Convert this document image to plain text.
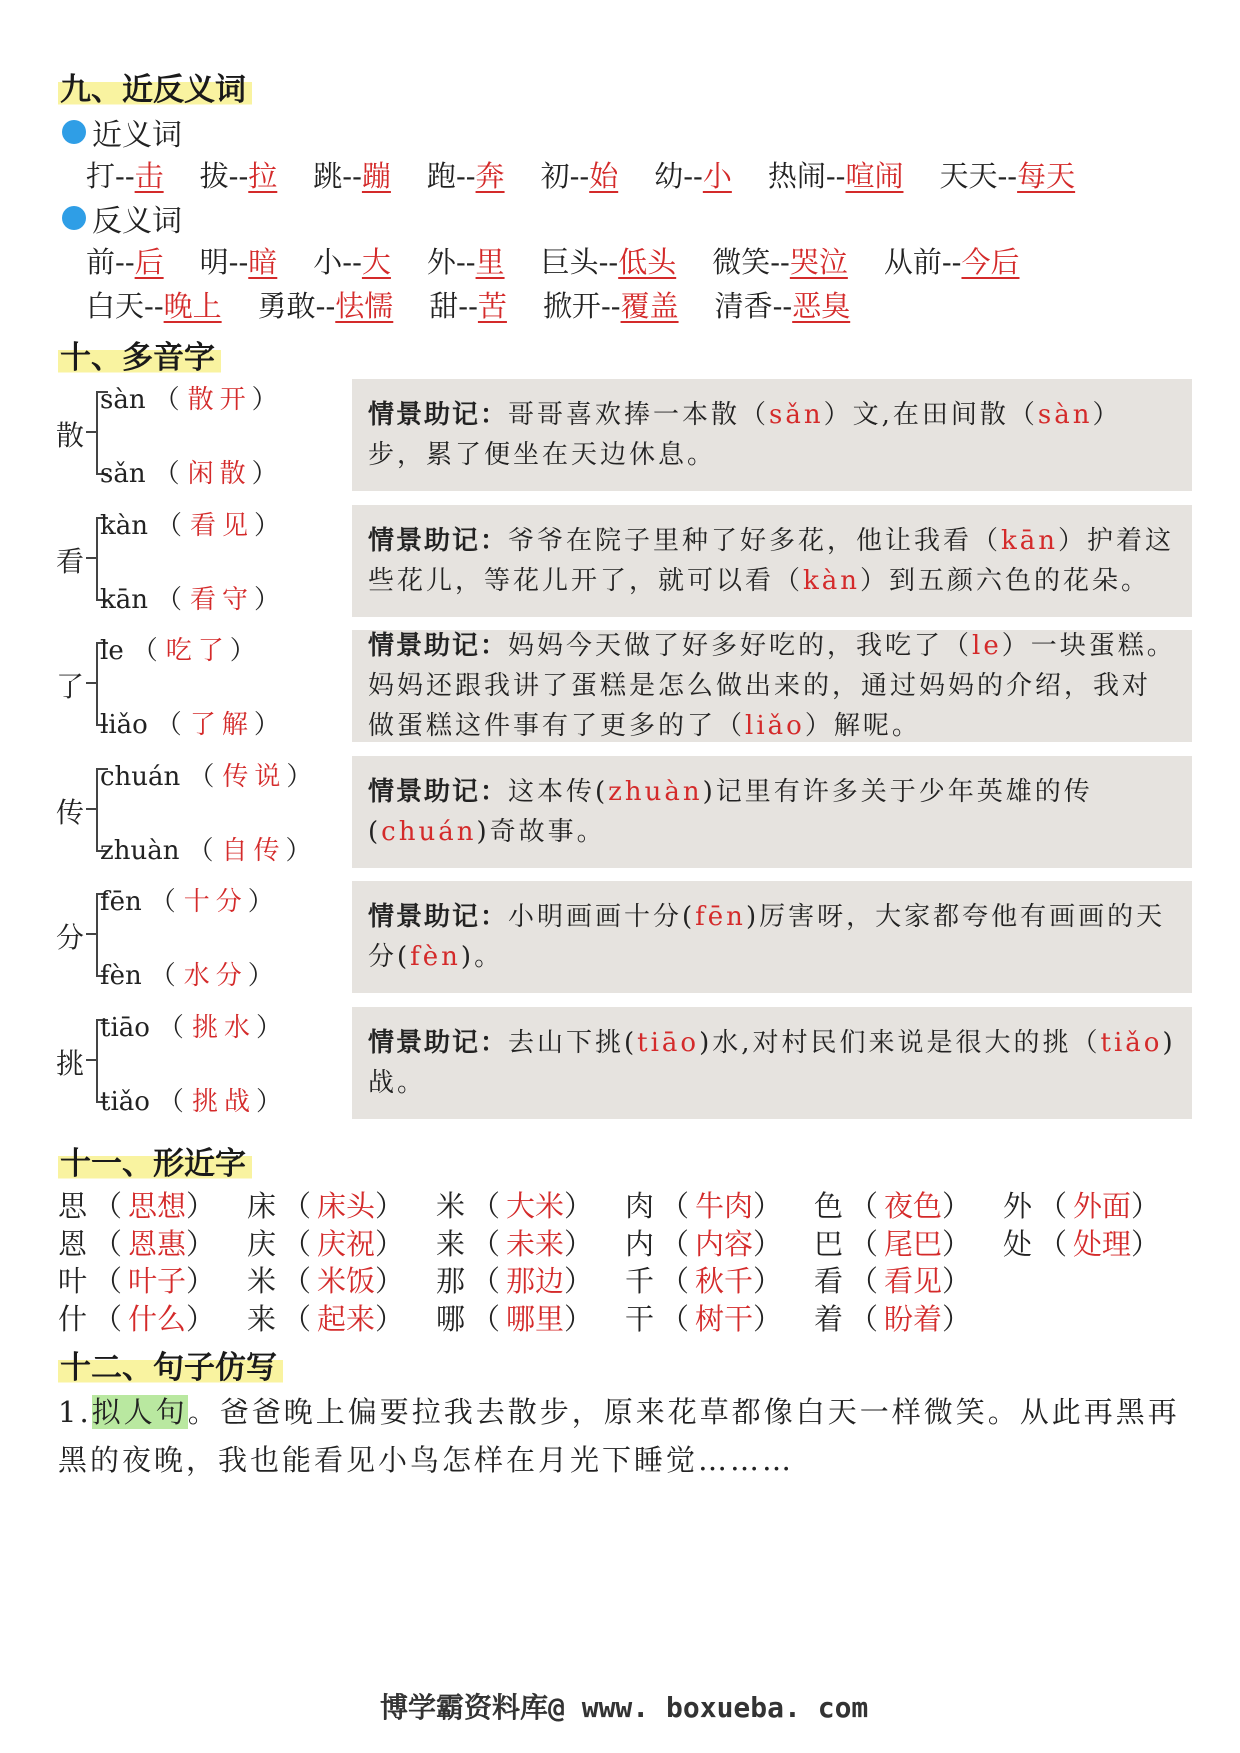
九、近反义词
近义词
打--击 拔--拉 跳--蹦 跑--奔 初--始 幼--小 热闹--喧闹 天天--每天
反义词
前--后 明--暗 小--大 外--里 巨头--低头 微笑--哭泣 从前--今后
白天--晚上 勇敢--怯懦 甜--苦 掀开--覆盖 清香--恶臭
十、多音字
散
sàn （ 散开）
sǎn （ 闲散）
情景助记：哥哥喜欢捧一本散（sǎn）文,在田间散（sàn）步，累了便坐在天边休息。
看
kàn （ 看见）
kān （ 看守）
情景助记：爷爷在院子里种了好多花，他让我看（kān）护着这些花儿，等花儿开了，就可以看（kàn）到五颜六色的花朵。
了
le （ 吃了）
liǎo （ 了解）
情景助记：妈妈今天做了好多好吃的，我吃了（le）一块蛋糕。妈妈还跟我讲了蛋糕是怎么做出来的，通过妈妈的介绍，我对做蛋糕这件事有了更多的了（liǎo）解呢。
传
chuán （ 传说）
zhuàn （ 自传）
情景助记：这本传(zhuàn)记里有许多关于少年英雄的传(chuán)奇故事。
分
fēn （ 十分）
fèn （ 水分）
情景助记：小明画画十分(fēn)厉害呀，大家都夸他有画画的天分(fèn)。
挑
tiāo （ 挑水）
tiǎo （ 挑战）
情景助记：去山下挑(tiāo)水,对村民们来说是很大的挑（tiǎo)战。
十一、形近字
思 （ 思想）	床 （ 床头）	米 （ 大米）	肉 （ 牛肉）	色 （ 夜色）	外 （ 外面）
恩 （ 恩惠）	庆 （ 庆祝）	来 （ 未来）	内 （ 内容）	巴 （ 尾巴）	处 （ 处理）
叶 （ 叶子）	米 （ 米饭）	那 （ 那边）	千 （ 秋千）	看 （ 看见）
什 （ 什么）	来 （ 起来）	哪 （ 哪里）	干 （ 树干）	着 （ 盼着）
十二、句子仿写
1.拟人句。爸爸晚上偏要拉我去散步，原来花草都像白天一样微笑。从此再黑再黑的夜晚，我也能看见小鸟怎样在月光下睡觉………
博学霸资料库@ www. boxueba. com
